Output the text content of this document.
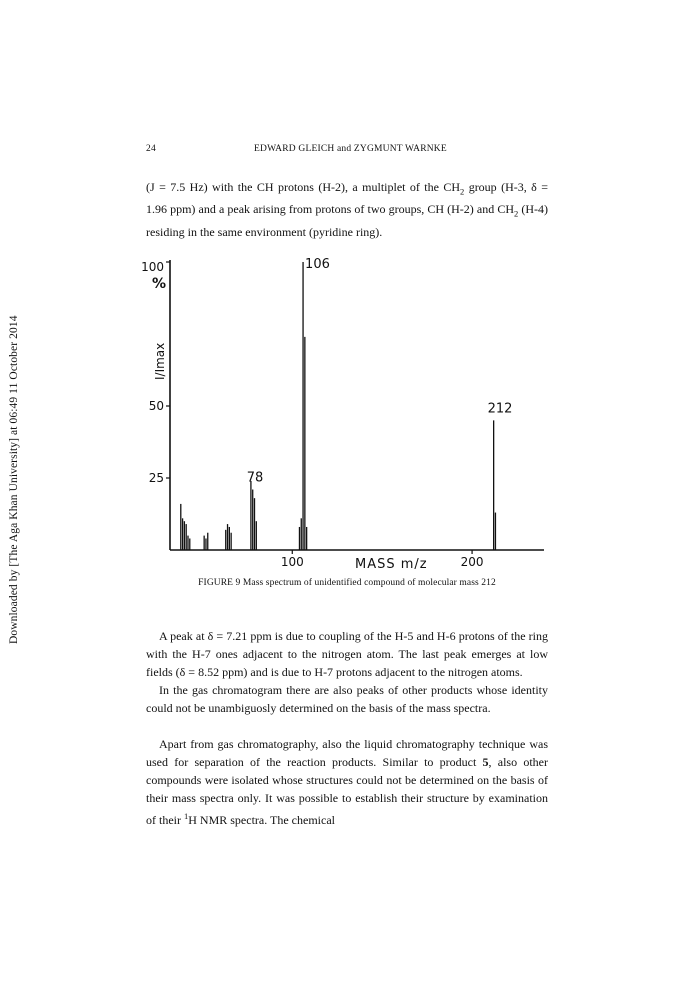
Downloaded by [The Aga Khan University] at 06:49 11 October 2014
24	EDWARD GLEICH and ZYGMUNT WARNKE

(J = 7.5 Hz) with the CH protons (H-2), a multiplet of the $CH_2$ group (H-3, δ = 1.96 ppm) and a peak arising from protons of two groups, CH (H-2) and $CH_2$ (H-4) residing in the same environment (pyridine ring).

25
50
100
100	200
106
212
78
%
I/Imax
MASS m/z
FIGURE 9 Mass spectrum of unidentified compound of molecular mass 212

A peak at δ = 7.21 ppm is due to coupling of the H-5 and H-6 protons of the ring with the H-7 ones adjacent to the nitrogen atom. The last peak emerges at low fields (δ = 8.52 ppm) and is due to H-7 protons adjacent to the nitrogen atoms.

In the gas chromatogram there are also peaks of other products whose identity could not be unambiguosly determined on the basis of the mass spectra.

Apart from gas chromatography, also the liquid chromatography technique was used for separation of the reaction products. Similar to product 5, also other compounds were isolated whose structures could not be determined on the basis of their mass spectra only. It was possible to establish their structure by examination of their $^1$H NMR spectra. The chemical
